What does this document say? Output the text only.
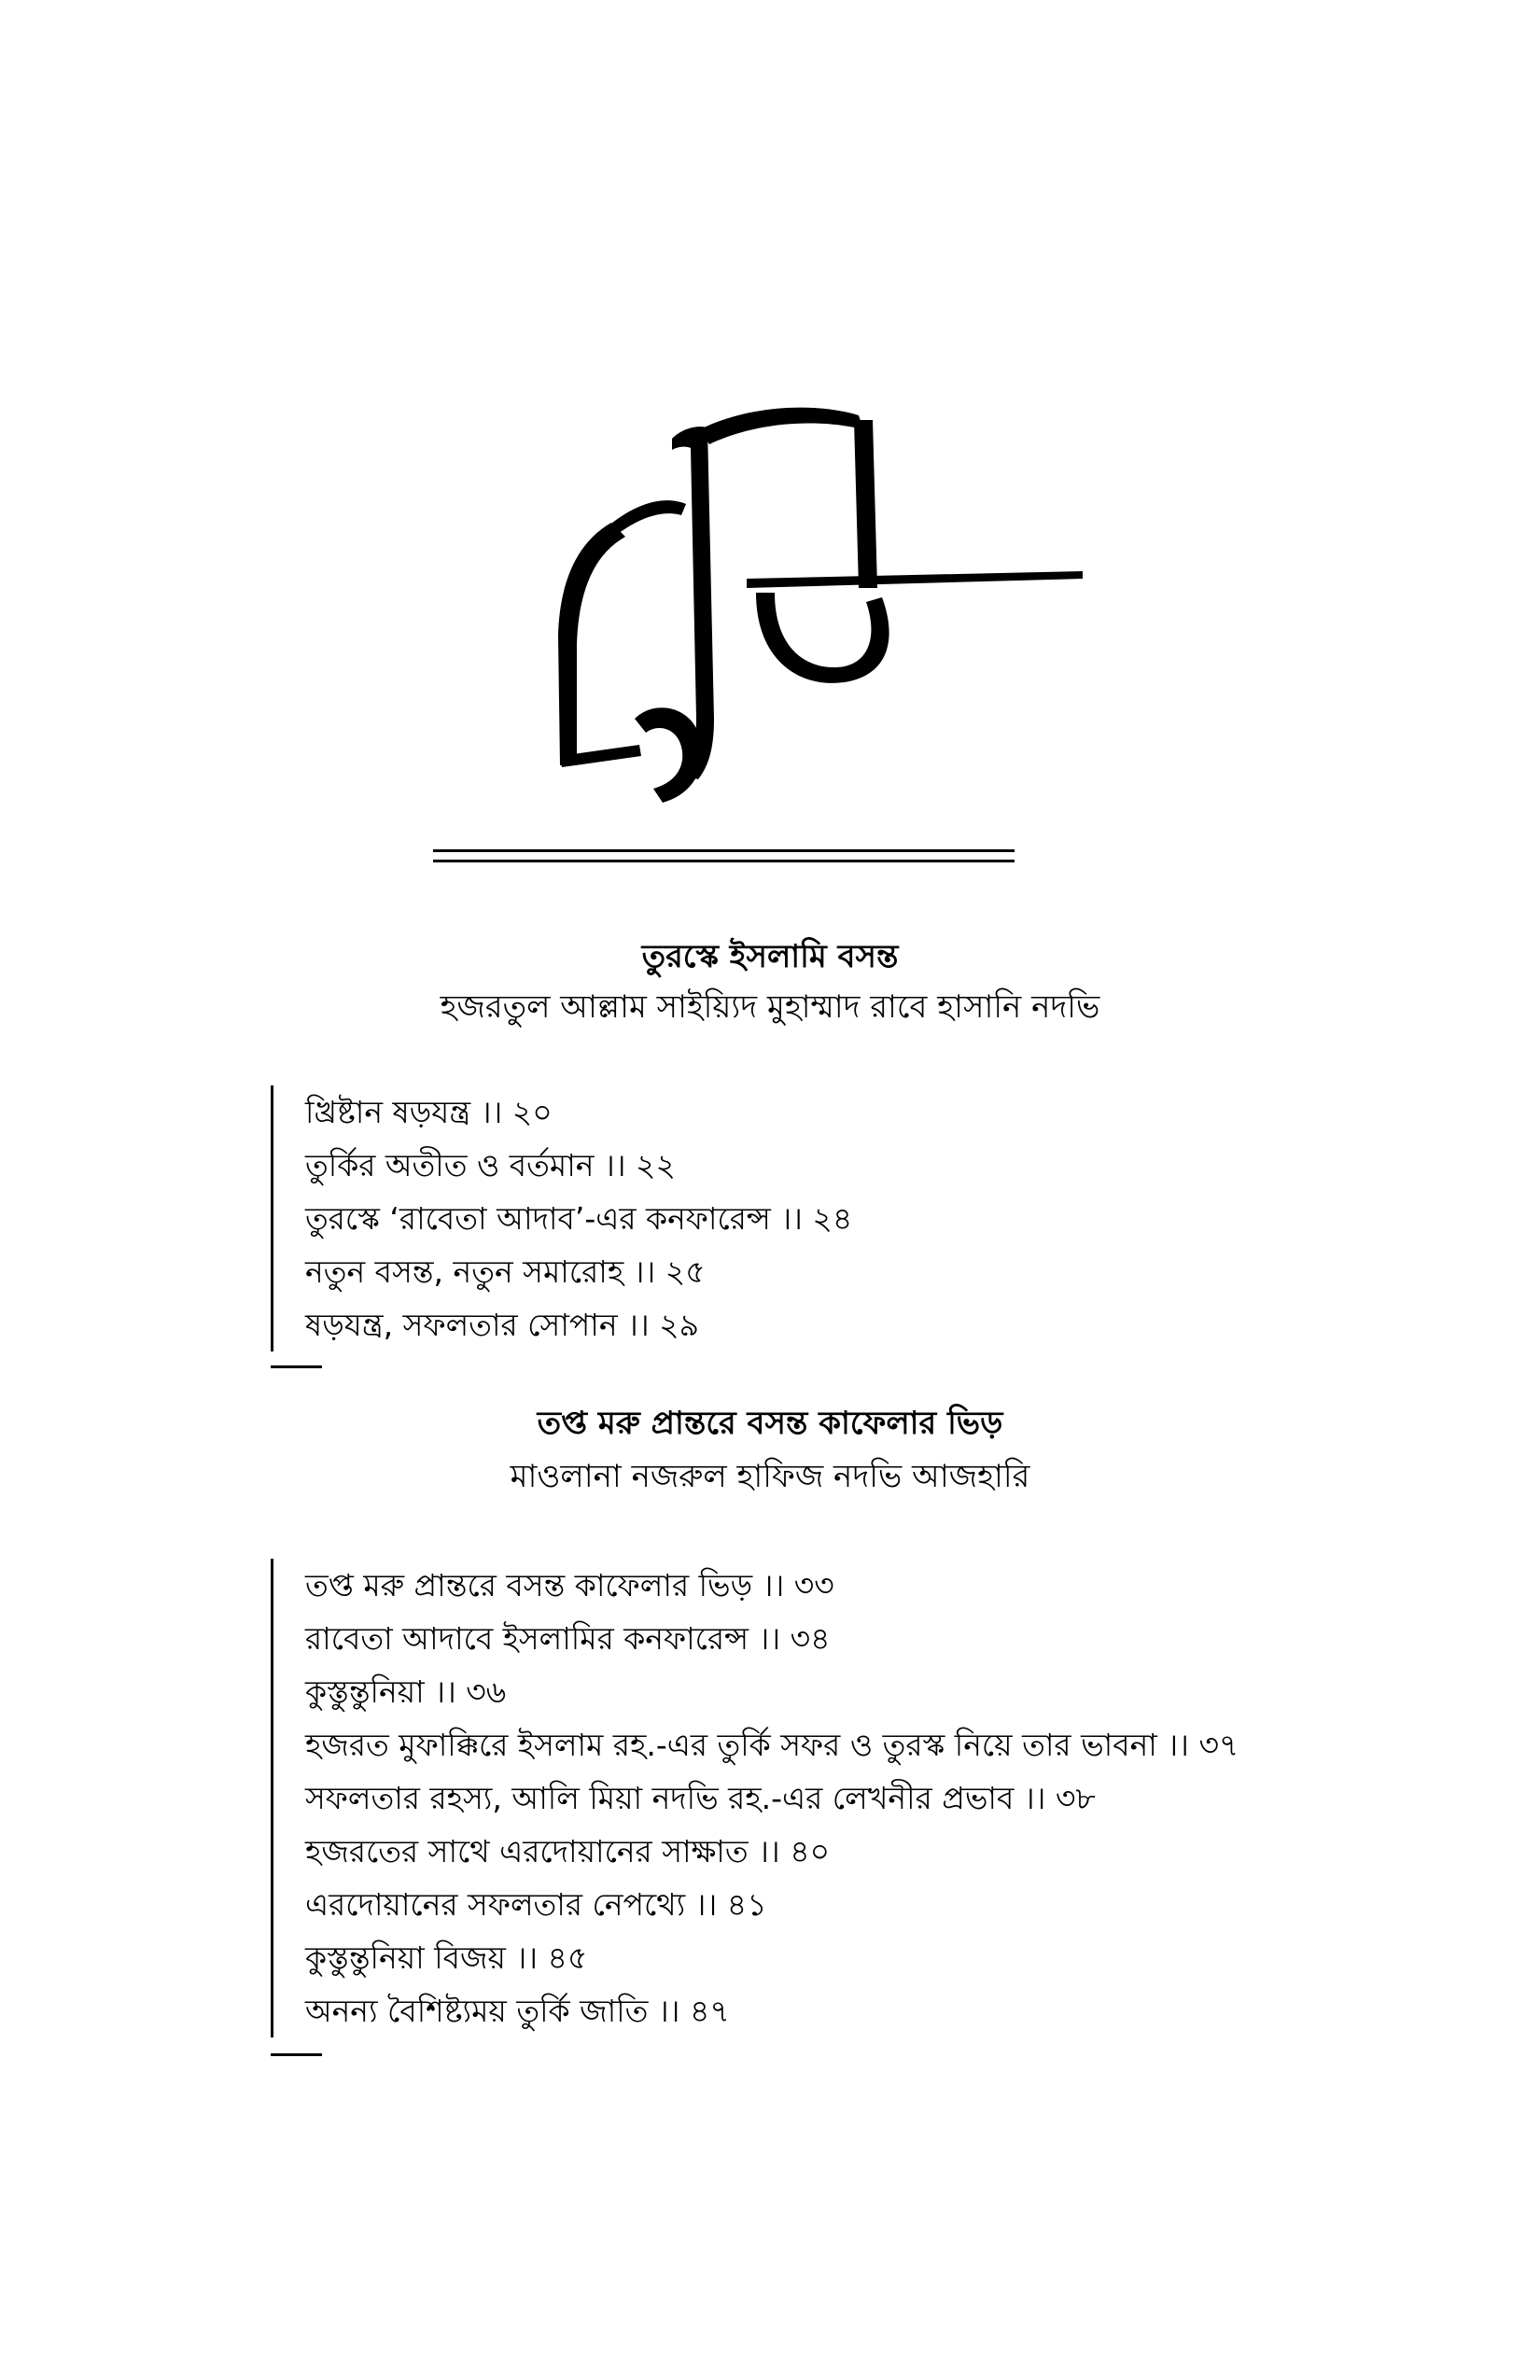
তুরস্কে ইসলামি বসন্ত
হজরতুল আল্লাম সাইয়্যিদ মুহাম্মাদ রাবে হাসানি নদভি
খ্রিষ্টান ষড়যন্ত্র ।। ২০
তুর্কির অতীত ও বর্তমান ।। ২২
তুরস্কে ‘রাবেতা আদাব’-এর কনফারেন্স ।। ২৪
নতুন বসন্ত, নতুন সমারোহ ।। ২৫
ষড়যন্ত্র, সফলতার সোপান ।। ২৯
তপ্ত মরু প্রান্তরে বসন্ত কাফেলার ভিড়
মাওলানা নজরুল হাফিজ নদভি আজহারি
তপ্ত মরু প্রান্তরে বসন্ত কাফেলার ভিড় ।। ৩৩
রাবেতা আদাবে ইসলামির কনফারেন্স ।। ৩৪
কুস্তুন্তুনিয়া ।। ৩৬
হজরত মুফাক্কিরে ইসলাম রহ.-এর তুর্কি সফর ও তুরস্ক নিয়ে তার ভাবনা ।। ৩৭
সফলতার রহস্য, আলি মিয়া নদভি রহ.-এর লেখনীর প্রভাব ।। ৩৮
হজরতের সাথে এরদোয়ানের সাক্ষাত ।। ৪০
এরদোয়ানের সফলতার নেপথ্যে ।। ৪১
কুস্তুন্তুনিয়া বিজয় ।। ৪৫
অনন্য বৈশিষ্ট্যময় তুর্কি জাতি ।। ৪৭
